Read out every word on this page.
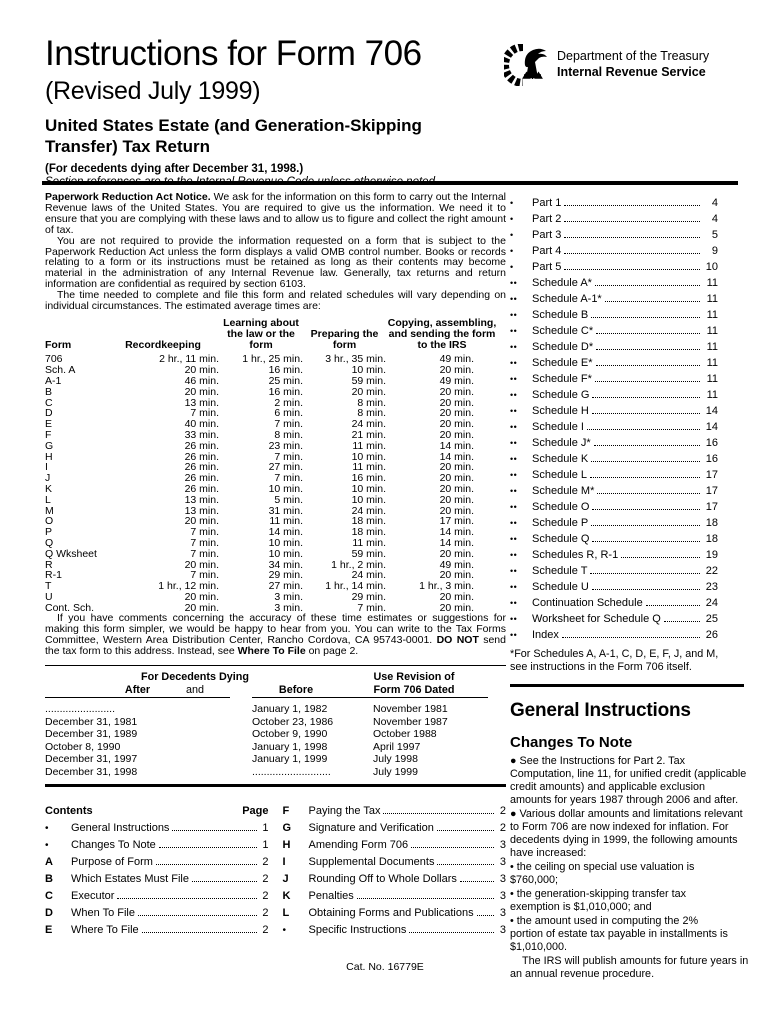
Instructions for Form 706
(Revised July 1999)
United States Estate (and Generation-Skipping Transfer) Tax Return
(For decedents dying after December 31, 1998.)
Department of the Treasury
Internal Revenue Service

Paperwork Reduction Act Notice. We ask for the information on this form to carry out the Internal Revenue laws of the United States. You are required to give us the information. We need it to ensure that you are complying with these laws and to allow us to figure and collect the right amount of tax.

You are not required to provide the information requested on a form that is subject to the Paperwork Reduction Act unless the form displays a valid OMB control number. Books or records relating to a form or its instructions must be retained as long as their contents may become material in the administration of any Internal Revenue law. Generally, tax returns and return information are confidential as required by section 6103.

The time needed to complete and file this form and related schedules will vary depending on individual circumstances. The estimated average times are:

Form	Recordkeeping
Learning about the law or the form
Preparing the form
Copying, assembling, and sending the form to the IRS
706	2 hr., 11 min.	1 hr., 25 min.	3 hr., 35 min.	49 min.
Sch. A	20 min.	16 min.	10 min.	20 min.
A-1	46 min.	25 min.	59 min.	49 min.
B	20 min.	16 min.	20 min.	20 min.
C	13 min.	2 min.	8 min.	20 min.
D	7 min.	6 min.	8 min.	20 min.
E	40 min.	7 min.	24 min.	20 min.
F	33 min.	8 min.	21 min.	20 min.
G	26 min.	23 min.	11 min.	14 min.
H	26 min.	7 min.	10 min.	14 min.
I	26 min.	27 min.	11 min.	20 min.
J	26 min.	7 min.	16 min.	20 min.
K	26 min.	10 min.	10 min.	20 min.
L	13 min.	5 min.	10 min.	20 min.
M	13 min.	31 min.	24 min.	20 min.
O	20 min.	11 min.	18 min.	17 min.
P	7 min.	14 min.	18 min.	14 min.
Q	7 min.	10 min.	11 min.	14 min.
Q Wksheet	7 min.	10 min.	59 min.	20 min.
R	20 min.	34 min.	1 hr., 2 min.	49 min.
R-1	7 min.	29 min.	24 min.	20 min.
T	1 hr., 12 min.	27 min.	1 hr., 14 min.	1 hr., 3 min.
U	20 min.	3 min.	29 min.	20 min.
Cont. Sch.	20 min.	3 min.	7 min.	20 min.

If you have comments concerning the accuracy of these time estimates or suggestions for making this form simpler, we would be happy to hear from you. You can write to the Tax Forms Committee, Western Area Distribution Center, Rancho Cordova, CA 95743-0001. DO NOT send the tax form to this address. Instead, see Where To File on page 2.

For Decedents Dying
and
After	Before
Use Revision of
Form 706 Dated
........................	January 1, 1982	November 1981
December 31, 1981	October 23, 1986	November 1987
December 31, 1989	October 9, 1990	October 1988
October 8, 1990	January 1, 1998	April 1997
December 31, 1997	January 1, 1999	July 1998
December 31, 1998	...........................	July 1999
Contents	Page
•	General Instructions	1
•	Changes To Note	1
A	Purpose of Form	2
B	Which Estates Must File	2
C	Executor	2
D	When To File	2
E	Where To File	2
F	Paying the Tax	2
G	Signature and Verification	2
H	Amending Form 706	3
I	Supplemental Documents	3
J	Rounding Off to Whole Dollars	3
K	Penalties	3
L	Obtaining Forms and Publications	3
•	Specific Instructions	3
•	Part 1	4
•	Part 2	4
•	Part 3	5
•	Part 4	9
•	Part 5	10
••	Schedule A*	11
••	Schedule A-1*	11
••	Schedule B	11
••	Schedule C*	11
••	Schedule D*	11
••	Schedule E*	11
••	Schedule F*	11
••	Schedule G	11
••	Schedule H	14
••	Schedule I	14
••	Schedule J*	16
••	Schedule K	16
••	Schedule L	17
••	Schedule M*	17
••	Schedule O	17
••	Schedule P	18
••	Schedule Q	18
••	Schedules R, R-1	19
••	Schedule T	22
••	Schedule U	23
••	Continuation Schedule	24
••	Worksheet for Schedule Q	25
••	Index	26
*For Schedules A, A-1, C, D, E, F, J, and M,
see instructions in the Form 706 itself.
General Instructions
Changes To Note

● See the Instructions for Part 2. Tax Computation, line 11, for unified credit (applicable credit amounts) and applicable exclusion amounts for years 1987 through 2006 and after.

● Various dollar amounts and limitations relevant to Form 706 are now indexed for inflation. For decedents dying in 1999, the following amounts have increased:

• the ceiling on special use valuation is $760,000;

• the generation-skipping transfer tax exemption is $1,010,000; and

• the amount used in computing the 2% portion of estate tax payable in installments is $1,010,000.

The IRS will publish amounts for future years in an annual revenue procedure.

Cat. No. 16779E
